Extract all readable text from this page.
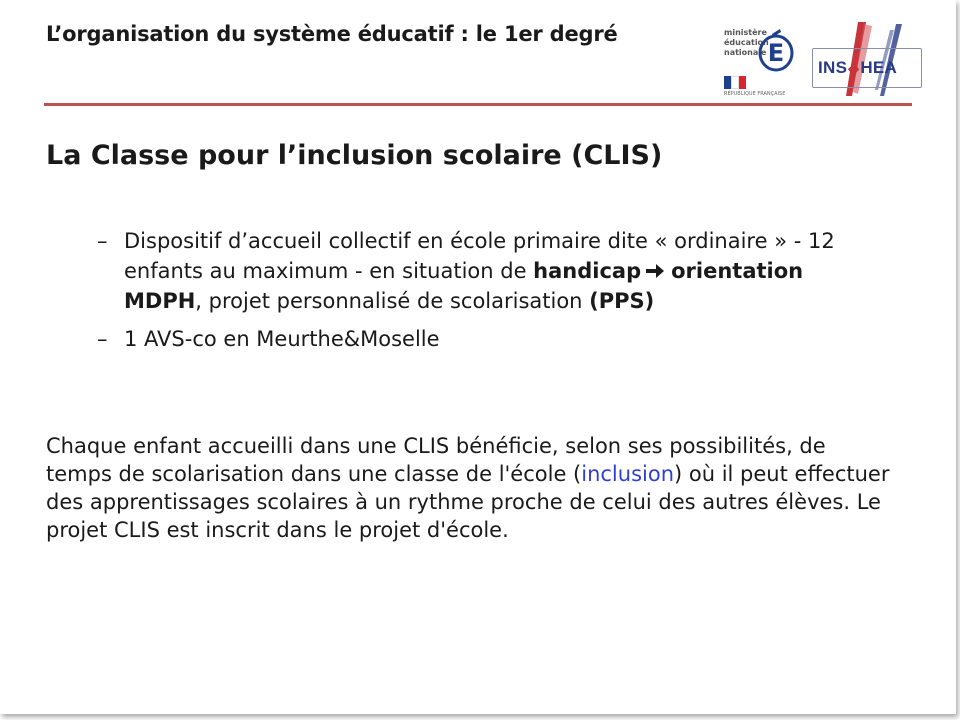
L’organisation du système éducatif : le 1er degré	ministère
éducation
nationale E
RÉPUBLIQUE FRANÇAISE
INS◆HEA
La Classe pour l’inclusion scolaire (CLIS)
– Dispositif d’accueil collectif en école primaire dite « ordinaire » - 12 enfants au maximum - en situation de handicap orientation MDPH, projet personnalisé de scolarisation (PPS)
– 1 AVS-co en Meurthe&Moselle
Chaque enfant accueilli dans une CLIS bénéficie, selon ses possibilités, de temps de scolarisation dans une classe de l'école (inclusion) où il peut effectuer des apprentissages scolaires à un rythme proche de celui des autres élèves. Le projet CLIS est inscrit dans le projet d'école.
